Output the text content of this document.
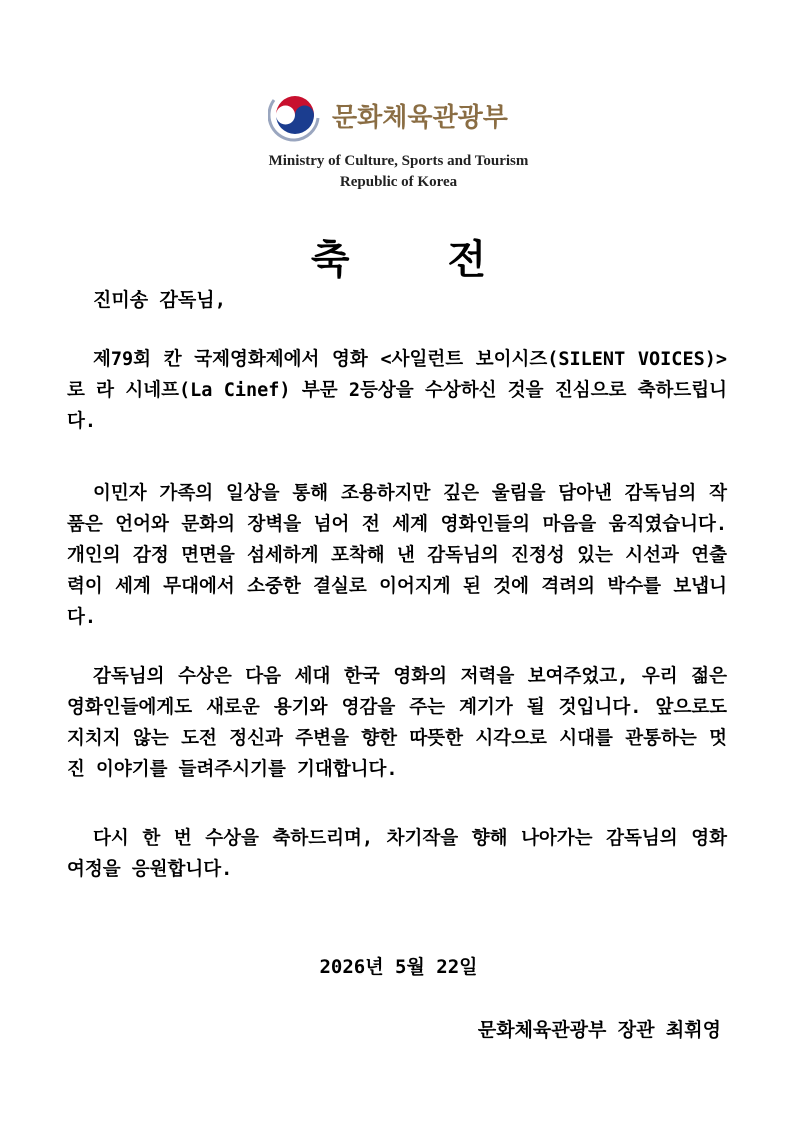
문화체육관광부
Ministry of Culture, Sports and Tourism
Republic of Korea
축 전
진미송 감독님,
제79회 칸 국제영화제에서 영화 <사일런트 보이시즈(SILENT VOICES)>로 라 시네프(La Cinef) 부문 2등상을 수상하신 것을 진심으로 축하드립니다.
이민자 가족의 일상을 통해 조용하지만 깊은 울림을 담아낸 감독님의 작품은 언어와 문화의 장벽을 넘어 전 세계 영화인들의 마음을 움직였습니다. 개인의 감정 면면을 섬세하게 포착해 낸 감독님의 진정성 있는 시선과 연출력이 세계 무대에서 소중한 결실로 이어지게 된 것에 격려의 박수를 보냅니다.
감독님의 수상은 다음 세대 한국 영화의 저력을 보여주었고, 우리 젊은 영화인들에게도 새로운 용기와 영감을 주는 계기가 될 것입니다. 앞으로도 지치지 않는 도전 정신과 주변을 향한 따뜻한 시각으로 시대를 관통하는 멋진 이야기를 들려주시기를 기대합니다.
다시 한 번 수상을 축하드리며, 차기작을 향해 나아가는 감독님의 영화 여정을 응원합니다.
2026년 5월 22일
문화체육관광부 장관 최휘영
